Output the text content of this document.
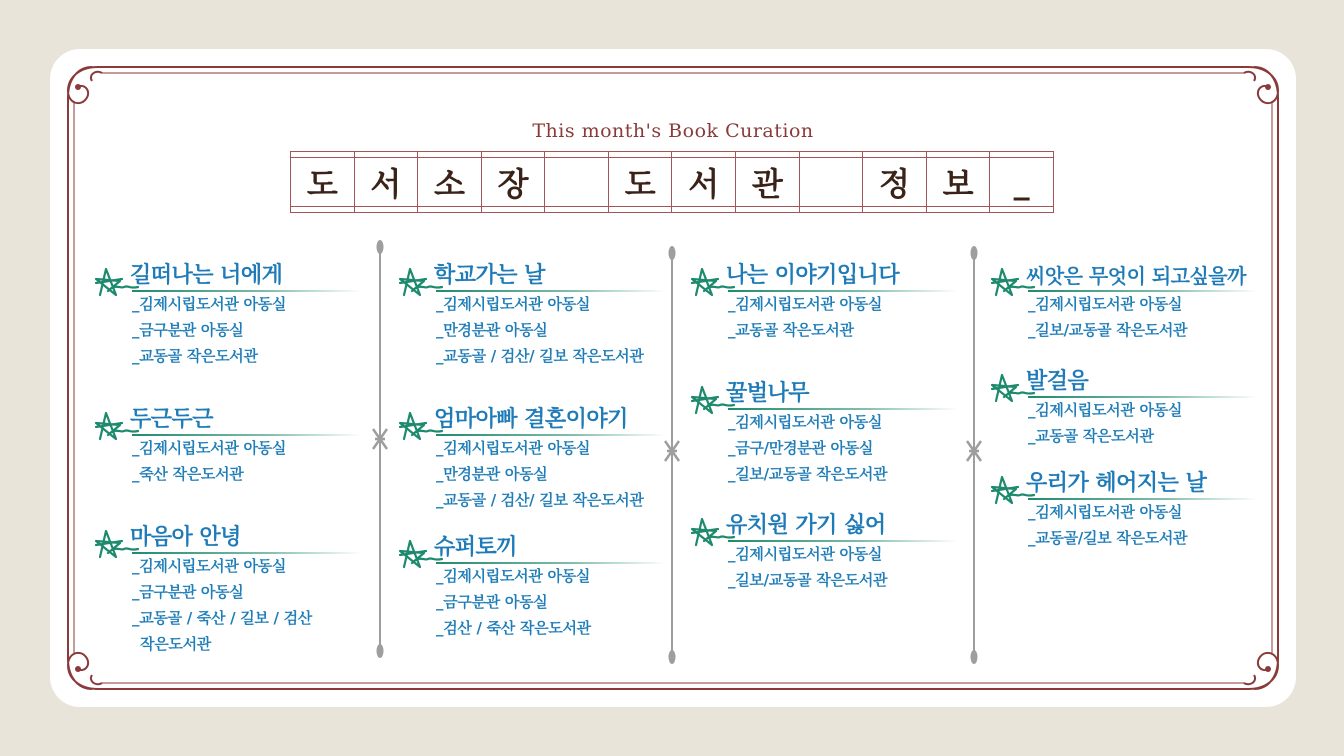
This month's Book Curation
도	서	소	장	도	서	관	정	보	_
길떠나는 너에게
_김제시립도서관 아동실
_금구분관 아동실
_교동골 작은도서관
두근두근
_김제시립도서관 아동실
_죽산 작은도서관
마음아 안녕
_김제시립도서관 아동실
_금구분관 아동실
_교동골 / 죽산 / 길보 / 검산
작은도서관
학교가는 날
_김제시립도서관 아동실
_만경분관 아동실
_교동골 / 검산/ 길보 작은도서관
엄마아빠 결혼이야기
_김제시립도서관 아동실
_만경분관 아동실
_교동골 / 검산/ 길보 작은도서관
슈퍼토끼
_김제시립도서관 아동실
_금구분관 아동실
_검산 / 죽산 작은도서관
나는 이야기입니다
_김제시립도서관 아동실
_교동골 작은도서관
꿀벌나무
_김제시립도서관 아동실
_금구/만경분관 아동실
_길보/교동골 작은도서관
유치원 가기 싫어
_김제시립도서관 아동실
_길보/교동골 작은도서관
씨앗은 무엇이 되고싶을까
_김제시립도서관 아동실
_길보/교동골 작은도서관
발걸음
_김제시립도서관 아동실
_교동골 작은도서관
우리가 헤어지는 날
_김제시립도서관 아동실
_교동골/길보 작은도서관
